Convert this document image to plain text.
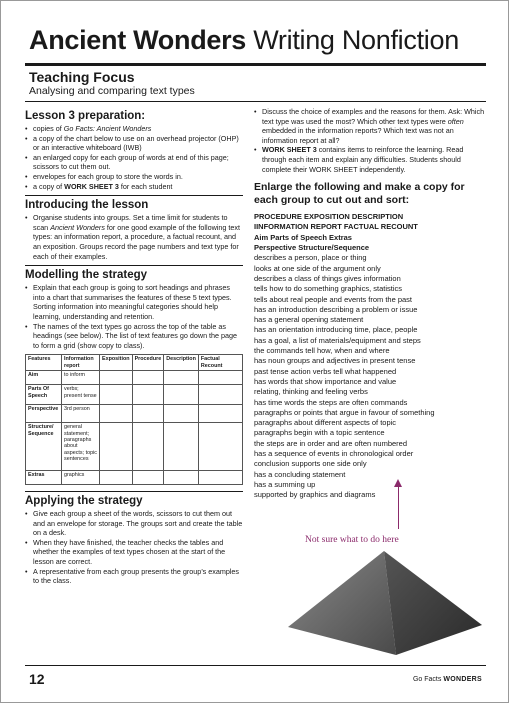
Ancient Wonders Writing Nonfiction
Teaching Focus
Analysing and comparing text types
Lesson 3 preparation:
• copies of Go Facts: Ancient Wonders
• a copy of the chart below to use on an overhead projector (OHP) or an interactive whiteboard (IWB)
• an enlarged copy for each group of words at end of this page; scissors to cut them out.
• envelopes for each group to store the words in.
• a copy of WORK SHEET 3 for each student
Introducing the lesson
• Organise students into groups. Set a time limit for students to scan Ancient Wonders for one good example of the following text types: an information report, a procedure, a factual recount, and an exposition. Groups record the page numbers and text type for each of their examples.
Modelling the strategy
• Explain that each group is going to sort headings and phrases into a chart that summarises the features of these 5 text types. Sorting information into meaningful categories should help learning, understanding and retention.
• The names of the text types go across the top of the table as headings (see below). The list of text features go down the page to form a grid (show copy to class).
Features	Information report	Exposition	Procedure	Description	Factual Recount
Aim	to inform				
Parts Of Speech	verbs; present tense				
Perspective	3rd person				
Structure/ Sequence	general statement; paragraphs about aspects; topic sentences				
Extras	graphics				
Applying the strategy
• Give each group a sheet of the words, scissors to cut them out and an envelope for storage. The groups sort and create the table on a desk.
• When they have finished, the teacher checks the tables and whether the examples of text types chosen at the start of the lesson are correct.
• A representative from each group presents the group’s examples to the class.
• Discuss the choice of examples and the reasons for them. Ask: Which text type was used the most? Which other text types were often embedded in the information reports? Which text was not an information report at all?
• WORK SHEET 3 contains items to reinforce the learning. Read through each item and explain any difficulties. Students should complete their WORK SHEET independently.
Enlarge the following and make a copy for each group to cut out and sort:
PROCEDURE EXPOSITION DESCRIPTION
IINFORMATION REPORT FACTUAL RECOUNT
Aim Parts of Speech Extras
Perspective Structure/Sequence
describes a person, place or thing
looks at one side of the argument only
describes a class of things gives information
tells how to do something graphics, statistics
tells about real people and events from the past
has an introduction describing a problem or issue
has a general opening statement
has an orientation introducing time, place, people
has a goal, a list of materials/equipment and steps
the commands tell how, when and where
has noun groups and adjectives in present tense
past tense action verbs tell what happened
has words that show importance and value
relating, thinking and feeling verbs
has time words the steps are often commands
paragraphs or points that argue in favour of something
paragraphs about different aspects of topic
paragraphs begin with a topic sentence
the steps are in order and are often numbered
has a sequence of events in chronological order
conclusion supports one side only
has a concluding statement
has a summing up
supported by graphics and diagrams
Not sure what to do here
12	Go Facts WONDERS
